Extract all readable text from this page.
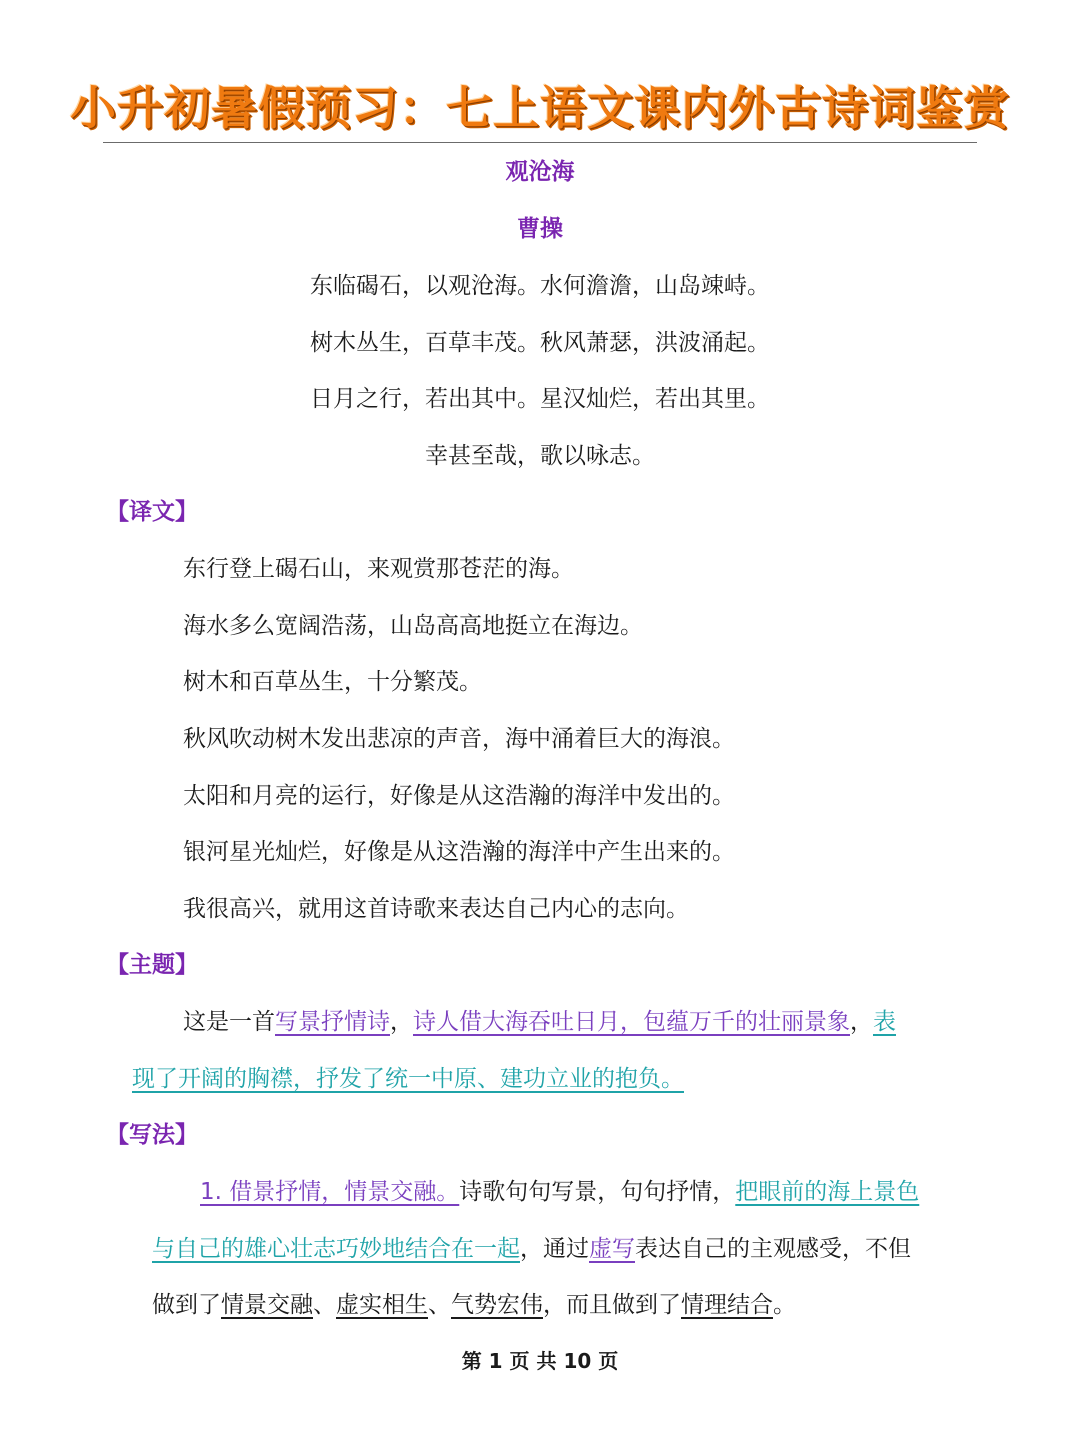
小升初暑假预习：七上语文课内外古诗词鉴赏
观沧海
曹操
东临碣石，以观沧海。水何澹澹，山岛竦峙。
树木丛生，百草丰茂。秋风萧瑟，洪波涌起。
日月之行，若出其中。星汉灿烂，若出其里。
幸甚至哉，歌以咏志。
【译文】
东行登上碣石山，来观赏那苍茫的海。
海水多么宽阔浩荡，山岛高高地挺立在海边。
树木和百草丛生，十分繁茂。
秋风吹动树木发出悲凉的声音，海中涌着巨大的海浪。
太阳和月亮的运行，好像是从这浩瀚的海洋中发出的。
银河星光灿烂，好像是从这浩瀚的海洋中产生出来的。
我很高兴，就用这首诗歌来表达自己内心的志向。
【主题】
这是一首写景抒情诗，诗人借大海吞吐日月，包蕴万千的壮丽景象，表
现了开阔的胸襟，抒发了统一中原、建功立业的抱负。
【写法】
1. 借景抒情，情景交融。诗歌句句写景，句句抒情，把眼前的海上景色
与自己的雄心壮志巧妙地结合在一起，通过虚写表达自己的主观感受，不但
做到了情景交融、虚实相生、气势宏伟，而且做到了情理结合。
第 1 页 共 10 页
